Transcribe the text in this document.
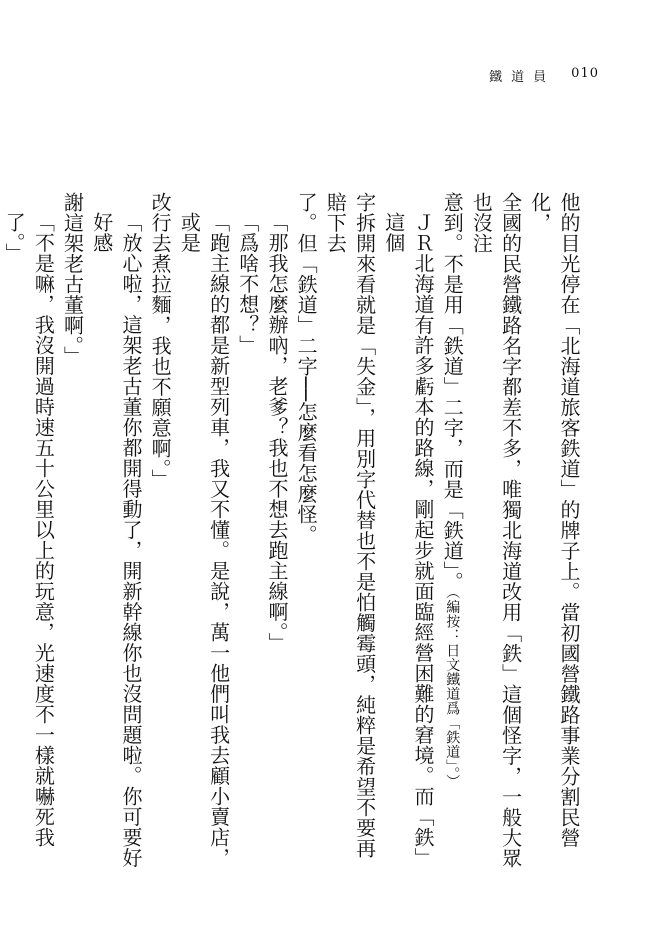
鐵道員 010
他的目光停在「北海道旅客鉄道」的牌子上。當初國營鐵路事業分割民營化，
全國的民營鐵路名字都差不多，唯獨北海道改用「鉄」這個怪字，一般大眾也沒注
意到。不是用「鉄道」二字，而是「鉄道」。（編按：日文鐵道爲「鉄道」。）
ＪＲ北海道有許多虧本的路線，剛起步就面臨經營困難的窘境。而「鉄」這個
字拆開來看就是「失金」，用別字代替也不是怕觸霉頭，純粹是希望不要再賠下去
了。但「鉄道」二字──怎麼看怎麼怪。
「那我怎麼辦吶，老爹？我也不想去跑主線啊。」
「爲啥不想？」
「跑主線的都是新型列車，我又不懂。是說，萬一他們叫我去顧小賣店，或是
改行去煮拉麵，我也不願意啊。」
「放心啦，這架老古董你都開得動了，開新幹線你也沒問題啦。你可要好好感
謝這架老古董啊。」
「不是嘛，我沒開過時速五十公里以上的玩意，光速度不一樣就嚇死我了。」
